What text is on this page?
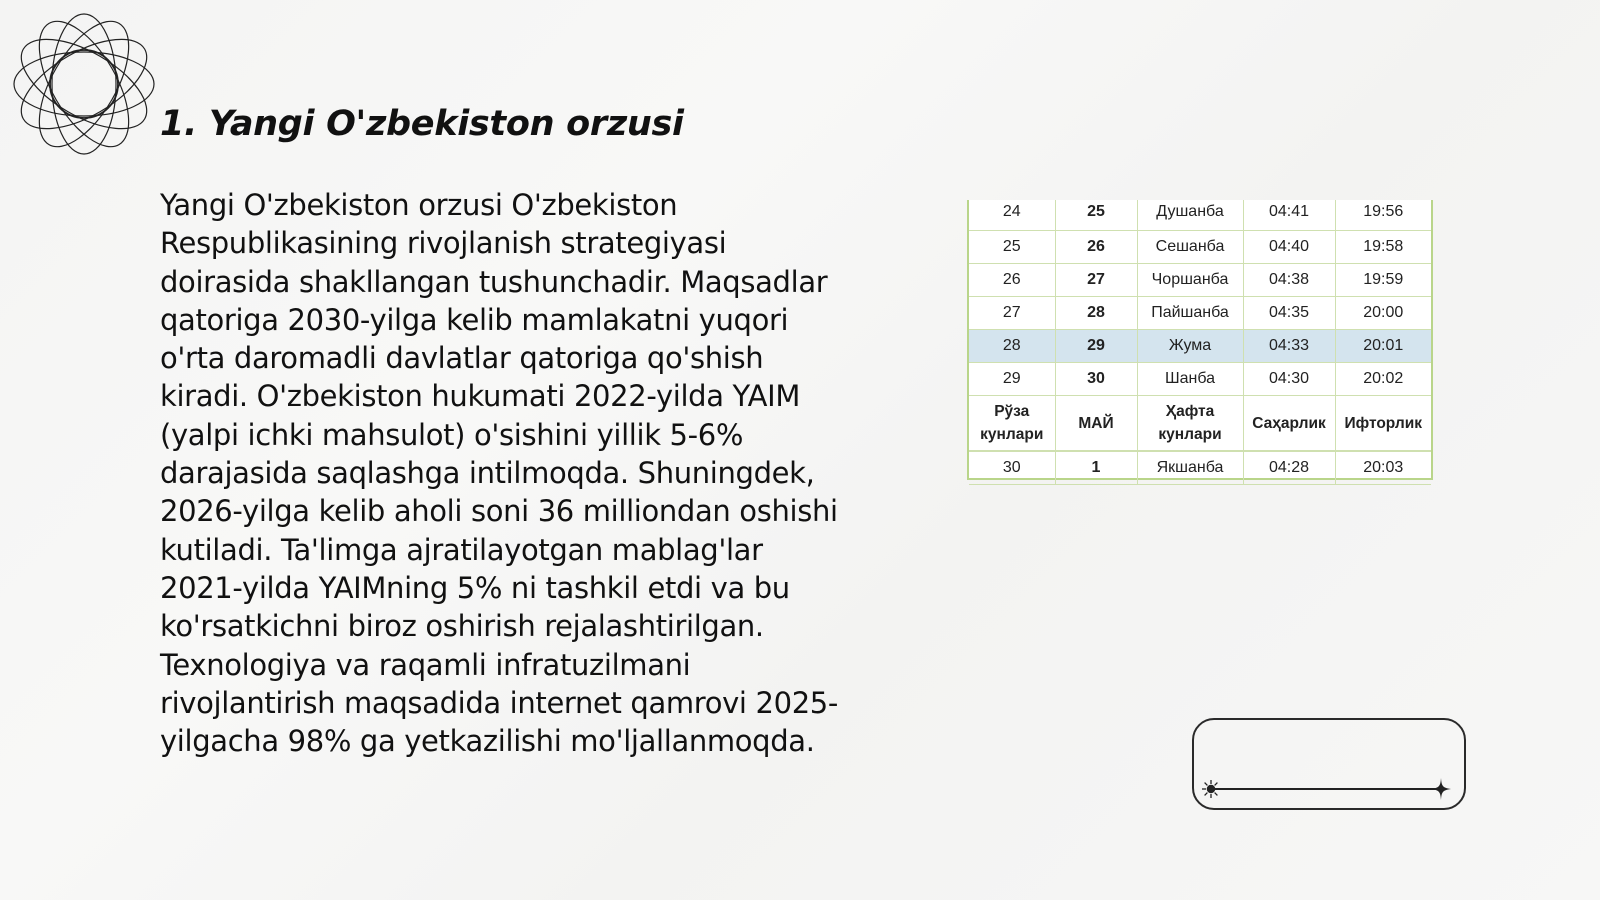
1. Yangi O'zbekiston orzusi

Yangi O'zbekiston orzusi O'zbekiston Respublikasining rivojlanish strategiyasi doirasida shakllangan tushunchadir. Maqsadlar qatoriga 2030-yilga kelib mamlakatni yuqori o'rta daromadli davlatlar qatoriga qo'shish kiradi. O'zbekiston hukumati 2022-yilda YAIM (yalpi ichki mahsulot) o'sishini yillik 5-6% darajasida saqlashga intilmoqda. Shuningdek, 2026-yilga kelib aholi soni 36 milliondan oshishi kutiladi. Ta'limga ajratilayotgan mablag'lar 2021-yilda YAIMning 5% ni tashkil etdi va bu ko'rsatkichni biroz oshirish rejalashtirilgan. Texnologiya va raqamli infratuzilmani rivojlantirish maqsadida internet qamrovi 2025-yilgacha 98% ga yetkazilishi mo'ljallanmoqda.

24	25	Душанба	04:41	19:56
25	26	Сешанба	04:40	19:58
26	27	Чоршанба	04:38	19:59
27	28	Пайшанба	04:35	20:00
28	29	Жума	04:33	20:01
29	30	Шанба	04:30	20:02
Рўза кунлари	МАЙ	Ҳафта кунлари	Саҳарлик	Ифторлик
30	1	Якшанба	04:28	20:03
